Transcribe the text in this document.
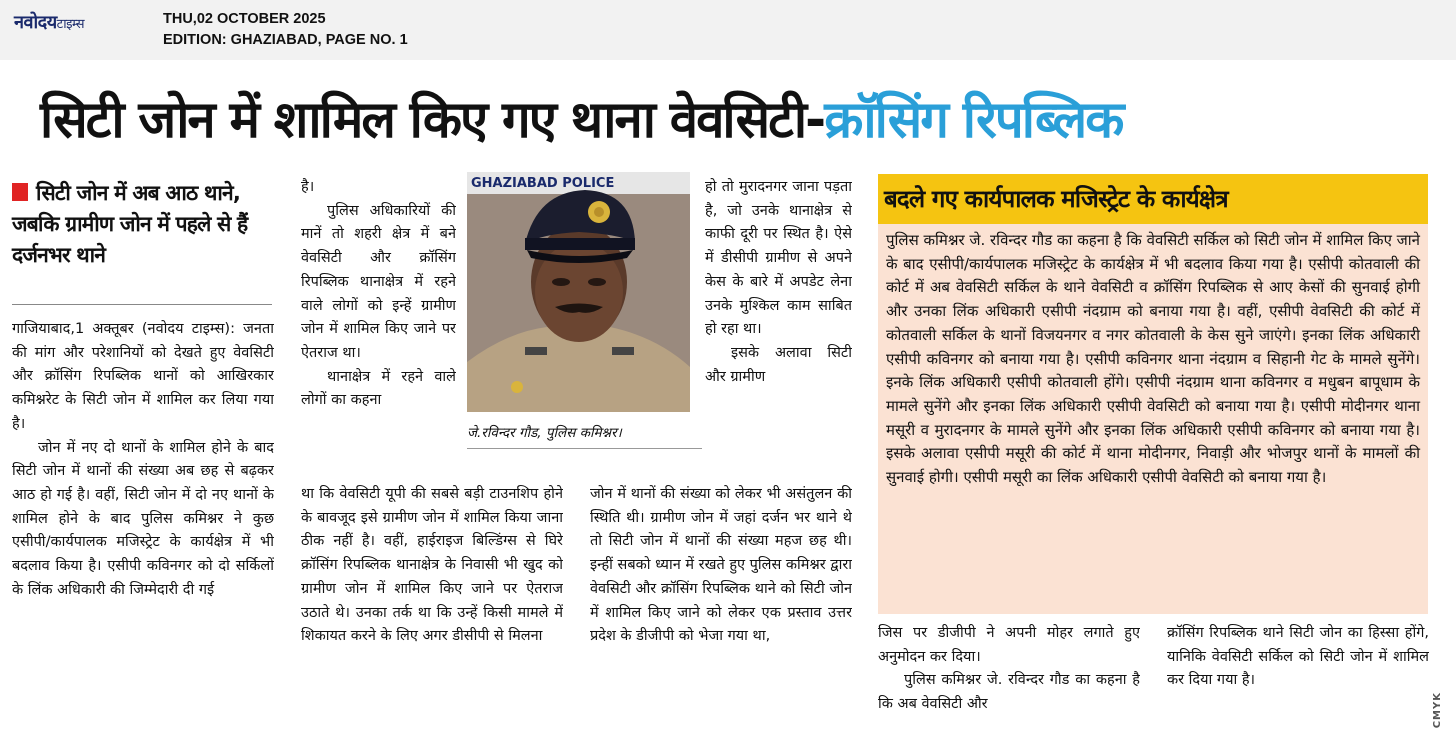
नवोदयटाइम्स	THU,02 OCTOBER 2025
EDITION: GHAZIABAD, PAGE NO. 1
सिटी जोन में शामिल किए गए थाना वेवसिटी-क्रॉसिंग रिपब्लिक
सिटी जोन में अब आठ थाने, जबकि ग्रामीण जोन में पहले से हैं दर्जनभर थाने

गाजियाबाद,1 अक्तूबर (नवोदय टाइम्स): जनता की मांग और परेशानियों को देखते हुए वेवसिटी और क्रॉसिंग रिपब्लिक थानों को आखिरकार कमिश्नरेट के सिटी जोन में शामिल कर लिया गया है।

जोन में नए दो थानों के शामिल होने के बाद सिटी जोन में थानों की संख्या अब छह से बढ़कर आठ हो गई है। वहीं, सिटी जोन में दो नए थानों के शामिल होने के बाद पुलिस कमिश्नर ने कुछ एसीपी/कार्यपालक मजिस्ट्रेट के कार्यक्षेत्र में भी बदलाव किया है। एसीपी कविनगर को दो सर्किलों के लिंक अधिकारी की जिम्मेदारी दी गई

है।

पुलिस अधिकारियों की मानें तो शहरी क्षेत्र में बने वेवसिटी और क्रॉसिंग रिपब्लिक थानाक्षेत्र में रहने वाले लोगों को इन्हें ग्रामीण जोन में शामिल किए जाने पर ऐतराज था।

थानाक्षेत्र में रहने वाले लोगों का कहना

GHAZIABAD POLICE
जे.रविन्दर गौड, पुलिस कमिश्नर।

हो तो मुरादनगर जाना पड़ता है, जो उनके थानाक्षेत्र से काफी दूरी पर स्थित है। ऐसे में डीसीपी ग्रामीण से अपने केस के बारे में अपडेट लेना उनके मुश्किल काम साबित हो रहा था।

इसके अलावा सिटी और ग्रामीण

था कि वेवसिटी यूपी की सबसे बड़ी टाउनशिप होने के बावजूद इसे ग्रामीण जोन में शामिल किया जाना ठीक नहीं है। वहीं, हाईराइज बिल्डिंग्स से घिरे क्रॉसिंग रिपब्लिक थानाक्षेत्र के निवासी भी खुद को ग्रामीण जोन में शामिल किए जाने पर ऐतराज उठाते थे। उनका तर्क था कि उन्हें किसी मामले में शिकायत करने के लिए अगर डीसीपी से मिलना

जोन में थानों की संख्या को लेकर भी असंतुलन की स्थिति थी। ग्रामीण जोन में जहां दर्जन भर थाने थे तो सिटी जोन में थानों की संख्या महज छह थी। इन्हीं सबको ध्यान में रखते हुए पुलिस कमिश्नर द्वारा वेवसिटी और क्रॉसिंग रिपब्लिक थाने को सिटी जोन में शामिल किए जाने को लेकर एक प्रस्ताव उत्तर प्रदेश के डीजीपी को भेजा गया था,

बदले गए कार्यपालक मजिस्ट्रेट के कार्यक्षेत्र
पुलिस कमिश्नर जे. रविन्दर गौड का कहना है कि वेवसिटी सर्किल को सिटी जोन में शामिल किए जाने के बाद एसीपी/कार्यपालक मजिस्ट्रेट के कार्यक्षेत्र में भी बदलाव किया गया है। एसीपी कोतवाली की कोर्ट में अब वेवसिटी सर्किल के थाने वेवसिटी व क्रॉसिंग रिपब्लिक से आए केसों की सुनवाई होगी और उनका लिंक अधिकारी एसीपी नंदग्राम को बनाया गया है। वहीं, एसीपी वेवसिटी की कोर्ट में कोतवाली सर्किल के थानों विजयनगर व नगर कोतवाली के केस सुने जाएंगे। इनका लिंक अधिकारी एसीपी कविनगर को बनाया गया है। एसीपी कविनगर थाना नंदग्राम व सिहानी गेट के मामले सुनेंगे। इनके लिंक अधिकारी एसीपी कोतवाली होंगे। एसीपी नंदग्राम थाना कविनगर व मधुबन बापूधाम के मामले सुनेंगे और इनका लिंक अधिकारी एसीपी वेवसिटी को बनाया गया है। एसीपी मोदीनगर थाना मसूरी व मुरादनगर के मामले सुनेंगे और इनका लिंक अधिकारी एसीपी कविनगर को बनाया गया है। इसके अलावा एसीपी मसूरी की कोर्ट में थाना मोदीनगर, निवाड़ी और भोजपुर थानों के मामलों की सुनवाई होगी। एसीपी मसूरी का लिंक अधिकारी एसीपी वेवसिटी को बनाया गया है।

जिस पर डीजीपी ने अपनी मोहर लगाते हुए अनुमोदन कर दिया।

पुलिस कमिश्नर जे. रविन्दर गौड का कहना है कि अब वेवसिटी और

क्रॉसिंग रिपब्लिक थाने सिटी जोन का हिस्सा होंगे, यानिकि वेवसिटी सर्किल को सिटी जोन में शामिल कर दिया गया है।

CMYK
